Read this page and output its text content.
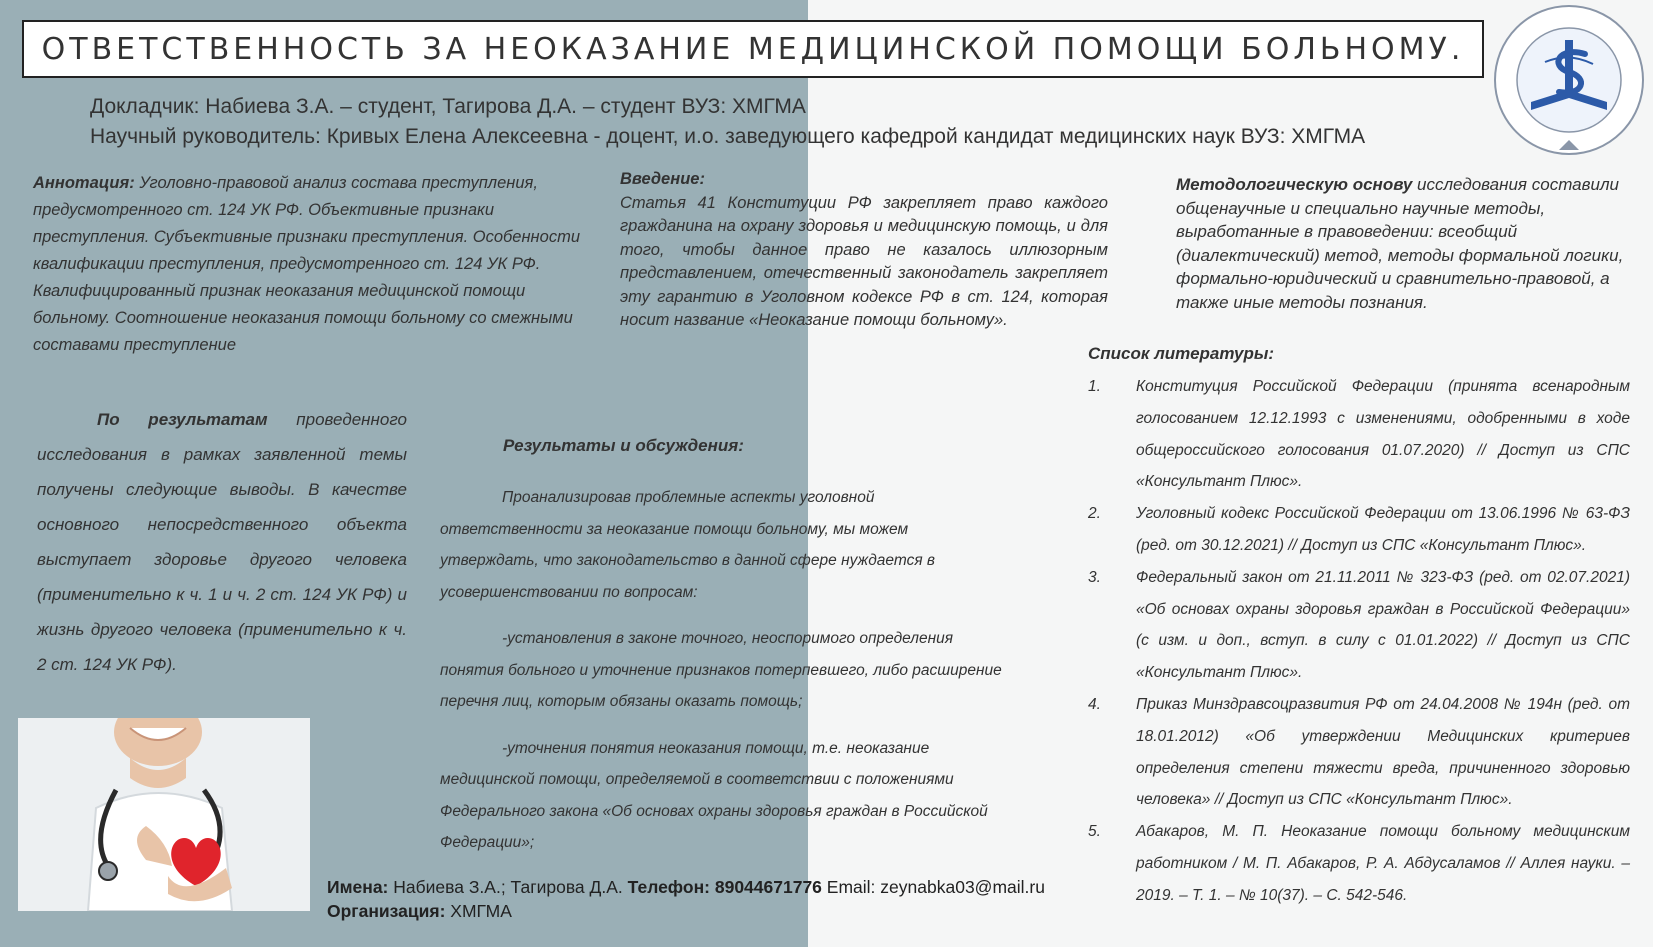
ОТВЕТСТВЕННОСТЬ ЗА НЕОКАЗАНИЕ МЕДИЦИНСКОЙ ПОМОЩИ БОЛЬНОМУ.
Докладчик: Набиева З.А. – студент, Тагирова Д.А. – студент ВУЗ: ХМГМА
Научный руководитель: Кривых Елена Алексеевна - доцент, и.о. заведующего кафедрой кандидат медицинских наук ВУЗ: ХМГМА
Аннотация: Уголовно-правовой анализ состава преступления, предусмотренного ст. 124 УК РФ. Объективные признаки преступления. Субъективные признаки преступления. Особенности квалификации преступления, предусмотренного ст. 124 УК РФ. Квалифицированный признак неоказания медицинской помощи больному. Соотношение неоказания помощи больному со смежными составами преступление
Введение:
Статья 41 Конституции РФ закрепляет право каждого гражданина на охрану здоровья и медицинскую помощь, и для того, чтобы данное право не казалось иллюзорным представлением, отечественный законодатель закрепляет эту гарантию в Уголовном кодексе РФ в ст. 124, которая носит название «Неоказание помощи больному».
Методологическую основу исследования составили общенаучные и специально научные методы, выработанные в правоведении: всеобщий (диалектический) метод, методы формальной логики, формально-юридический и сравнительно-правовой, а также иные методы познания.
По результатам проведенного исследования в рамках заявленной темы получены следующие выводы. В качестве основного непосредственного объекта выступает здоровье другого человека (применительно к ч. 1 и ч. 2 ст. 124 УК РФ) и жизнь другого человека (применительно к ч. 2 ст. 124 УК РФ).
Результаты и обсуждения:

Проанализировав проблемные аспекты уголовной ответственности за неоказание помощи больному, мы можем утверждать, что законодательство в данной сфере нуждается в усовершенствовании по вопросам:

-установления в законе точного, неоспоримого определения понятия больного и уточнение признаков потерпевшего, либо расширение перечня лиц, которым обязаны оказать помощь;

-уточнения понятия неоказания помощи, т.е. неоказание медицинской помощи, определяемой в соответствии с положениями Федерального закона «Об основах охраны здоровья граждан в Российской Федерации»;

Список литературы:
1.	Конституция Российской Федерации (принята всенародным голосованием 12.12.1993 с изменениями, одобренными в ходе общероссийского голосования 01.07.2020) // Доступ из СПС «Консультант Плюс».
2.	Уголовный кодекс Российской Федерации от 13.06.1996 № 63-ФЗ (ред. от 30.12.2021) // Доступ из СПС «Консультант Плюс».
3.	Федеральный закон от 21.11.2011 № 323-ФЗ (ред. от 02.07.2021) «Об основах охраны здоровья граждан в Российской Федерации» (с изм. и доп., вступ. в силу с 01.01.2022) // Доступ из СПС «Консультант Плюс».
4.	Приказ Минздравсоцразвития РФ от 24.04.2008 № 194н (ред. от 18.01.2012) «Об утверждении Медицинских критериев определения степени тяжести вреда, причиненного здоровью человека» // Доступ из СПС «Консультант Плюс».
5.	Абакаров, М. П. Неоказание помощи больному медицинским работником / М. П. Абакаров, Р. А. Абдусаламов // Аллея науки. – 2019. – Т. 1. – № 10(37). – С. 542-546.
Имена: Набиева З.А.; Тагирова Д.А. Телефон: 89044671776 Email: zeynabka03@mail.ru
Организация: ХМГМА
